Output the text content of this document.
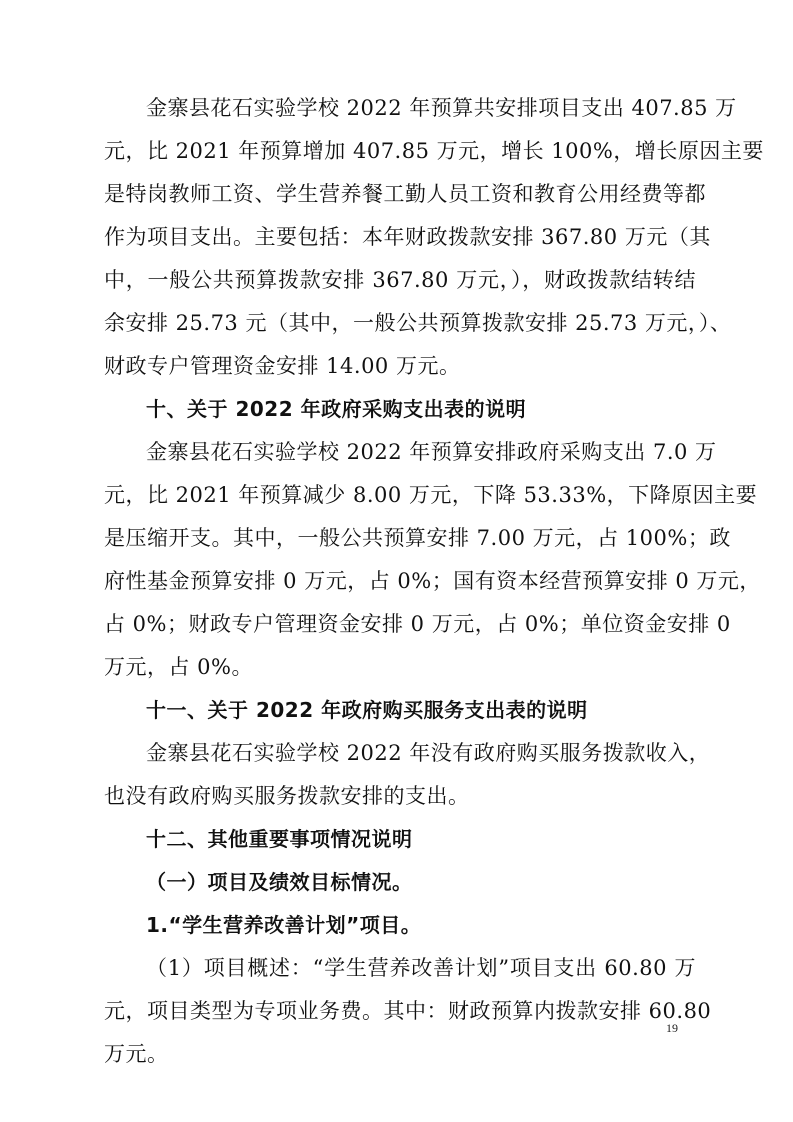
金寨县花石实验学校 2022 年预算共安排项目支出 407.85 万
元，比 2021 年预算增加 407.85 万元，增长 100%，增长原因主要
是特岗教师工资、学生营养餐工勤人员工资和教育公用经费等都
作为项目支出。主要包括：本年财政拨款安排 367.80 万元（其
中，一般公共预算拨款安排 367.80 万元，），财政拨款结转结
余安排 25.73 元（其中，一般公共预算拨款安排 25.73 万元，）、
财政专户管理资金安排 14.00 万元。
十、关于 2022 年政府采购支出表的说明
金寨县花石实验学校 2022 年预算安排政府采购支出 7.0 万
元，比 2021 年预算减少 8.00 万元，下降 53.33%，下降原因主要
是压缩开支。其中，一般公共预算安排 7.00 万元，占 100%；政
府性基金预算安排 0 万元，占 0%；国有资本经营预算安排 0 万元，
占 0%；财政专户管理资金安排 0 万元，占 0%；单位资金安排 0
万元，占 0%。
十一、关于 2022 年政府购买服务支出表的说明
金寨县花石实验学校 2022 年没有政府购买服务拨款收入，
也没有政府购买服务拨款安排的支出。
十二、其他重要事项情况说明
（一）项目及绩效目标情况。
1.“学生营养改善计划”项目。
（1）项目概述：“学生营养改善计划”项目支出 60.80 万
元，项目类型为专项业务费。其中：财政预算内拨款安排 60.80
万元。
19
